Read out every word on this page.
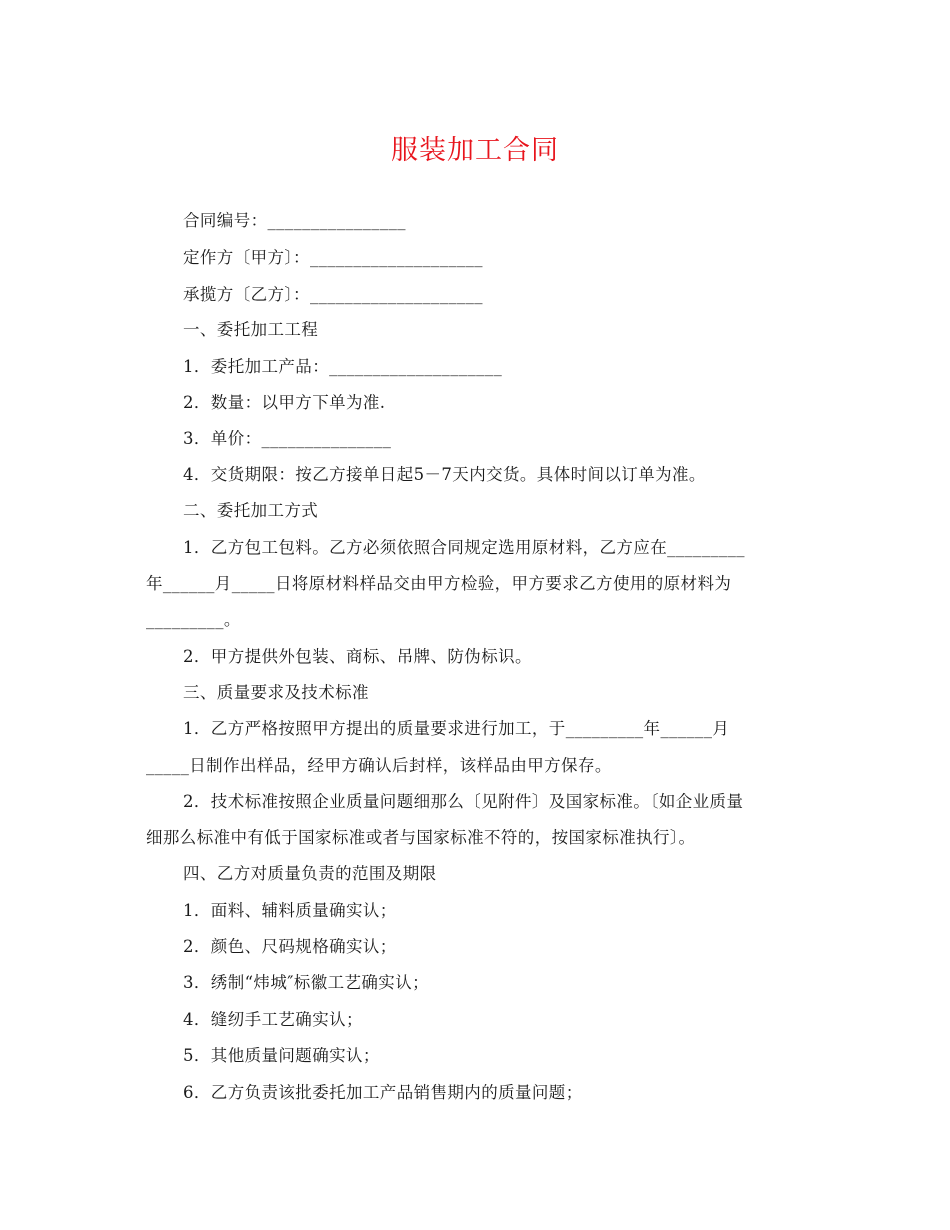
服装加工合同
合同编号：________________
定作方〔甲方〕：____________________
承揽方〔乙方〕：____________________
一、委托加工工程
1．委托加工产品：____________________
2．数量：以甲方下单为准.
3．单价：_______________
4．交货期限：按乙方接单日起5－7天内交货。具体时间以订单为准。
二、委托加工方式
1．乙方包工包料。乙方必须依照合同规定选用原材料，乙方应在_________
年______月_____日将原材料样品交由甲方检验，甲方要求乙方使用的原材料为
_________。
2．甲方提供外包装、商标、吊牌、防伪标识。
三、质量要求及技术标准
1．乙方严格按照甲方提出的质量要求进行加工，于_________年______月
_____日制作出样品，经甲方确认后封样，该样品由甲方保存。
2．技术标准按照企业质量问题细那么〔见附件〕及国家标准。〔如企业质量
细那么标准中有低于国家标准或者与国家标准不符的，按国家标准执行〕。
四、乙方对质量负责的范围及期限
1．面料、辅料质量确实认；
2．颜色、尺码规格确实认；
3．绣制“炜城″标徽工艺确实认；
4．缝纫手工艺确实认；
5．其他质量问题确实认；
6．乙方负责该批委托加工产品销售期内的质量问题；
